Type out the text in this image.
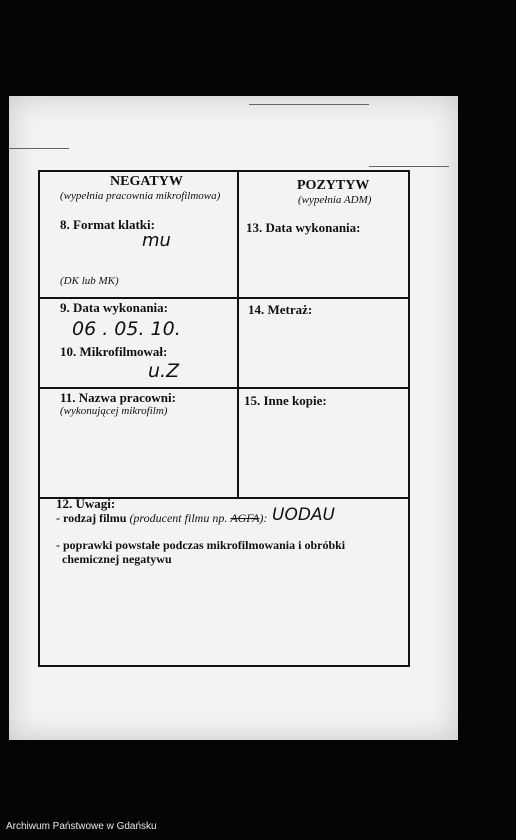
NEGATYW
(wypełnia pracownia mikrofilmowa)
8. Format klatki:
mu
(DK lub MK)
9. Data wykonania:
06 . 05. 10.
10. Mikrofilmował:
u.Z
11. Nazwa pracowni:
(wykonującej mikrofilm)
POZYTYW
(wypełnia ADM)
13. Data wykonania:
14. Metraż:
15. Inne kopie:
12. Uwagi:
- rodzaj filmu (producent filmu np. AGFA): UODAU
- poprawki powstałe podczas mikrofilmowania i obróbki
chemicznej negatywu
Archiwum Państwowe w Gdańsku
